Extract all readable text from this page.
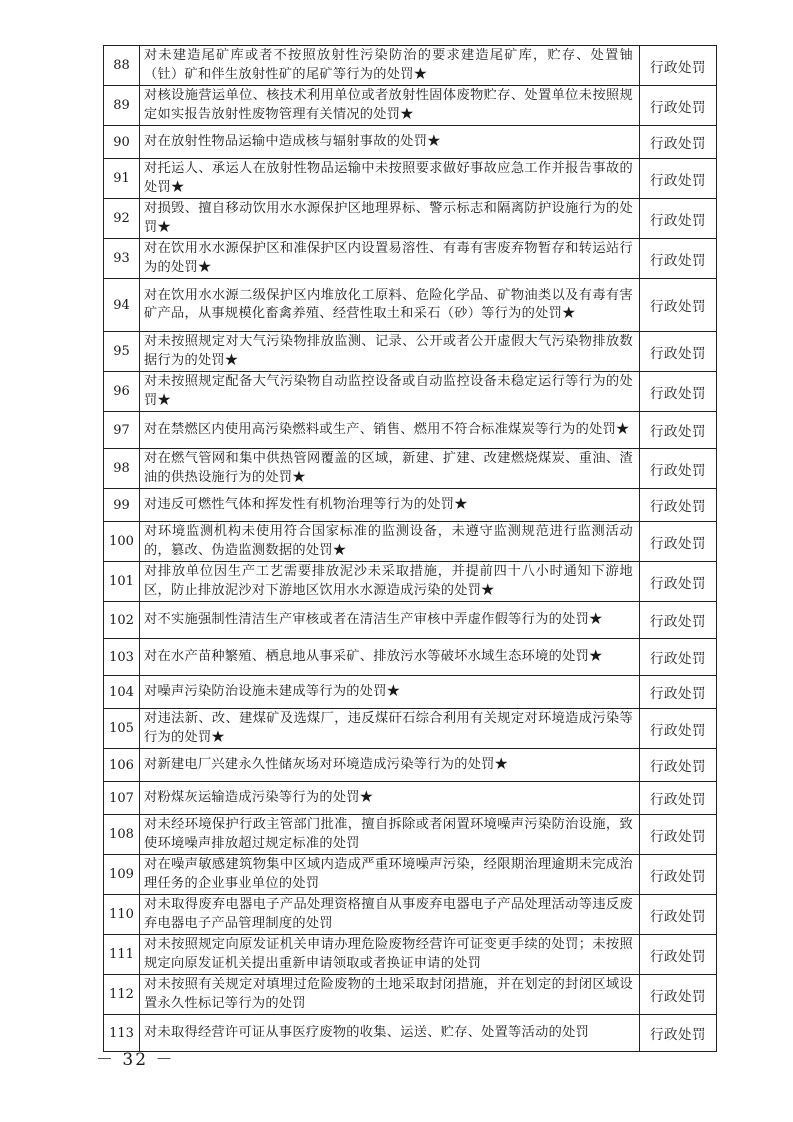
88	对未建造尾矿库或者不按照放射性污染防治的要求建造尾矿库，贮存、处置铀（钍）矿和伴生放射性矿的尾矿等行为的处罚★	行政处罚
89	对核设施营运单位、核技术利用单位或者放射性固体废物贮存、处置单位未按照规定如实报告放射性废物管理有关情况的处罚★	行政处罚
90	对在放射性物品运输中造成核与辐射事故的处罚★	行政处罚
91	对托运人、承运人在放射性物品运输中未按照要求做好事故应急工作并报告事故的处罚★	行政处罚
92	对损毁、擅自移动饮用水水源保护区地理界标、警示标志和隔离防护设施行为的处罚★	行政处罚
93	对在饮用水水源保护区和准保护区内设置易溶性、有毒有害废弃物暂存和转运站行为的处罚★	行政处罚
94	对在饮用水水源二级保护区内堆放化工原料、危险化学品、矿物油类以及有毒有害矿产品，从事规模化畜禽养殖、经营性取土和采石（砂）等行为的处罚★	行政处罚
95	对未按照规定对大气污染物排放监测、记录、公开或者公开虚假大气污染物排放数据行为的处罚★	行政处罚
96	对未按照规定配备大气污染物自动监控设备或自动监控设备未稳定运行等行为的处罚★	行政处罚
97	对在禁燃区内使用高污染燃料或生产、销售、燃用不符合标准煤炭等行为的处罚★	行政处罚
98	对在燃气管网和集中供热管网覆盖的区域，新建、扩建、改建燃烧煤炭、重油、渣油的供热设施行为的处罚★	行政处罚
99	对违反可燃性气体和挥发性有机物治理等行为的处罚★	行政处罚
100	对环境监测机构未使用符合国家标准的监测设备，未遵守监测规范进行监测活动的，篡改、伪造监测数据的处罚★	行政处罚
101	对排放单位因生产工艺需要排放泥沙未采取措施，并提前四十八小时通知下游地区，防止排放泥沙对下游地区饮用水水源造成污染的处罚★	行政处罚
102	对不实施强制性清洁生产审核或者在清洁生产审核中弄虚作假等行为的处罚★	行政处罚
103	对在水产苗种繁殖、栖息地从事采矿、排放污水等破坏水域生态环境的处罚★	行政处罚
104	对噪声污染防治设施未建成等行为的处罚★	行政处罚
105	对违法新、改、建煤矿及选煤厂，违反煤矸石综合利用有关规定对环境造成污染等行为的处罚★	行政处罚
106	对新建电厂兴建永久性储灰场对环境造成污染等行为的处罚★	行政处罚
107	对粉煤灰运输造成污染等行为的处罚★	行政处罚
108	对未经环境保护行政主管部门批准，擅自拆除或者闲置环境噪声污染防治设施，致使环境噪声排放超过规定标准的处罚	行政处罚
109	对在噪声敏感建筑物集中区域内造成严重环境噪声污染，经限期治理逾期未完成治理任务的企业事业单位的处罚	行政处罚
110	对未取得废弃电器电子产品处理资格擅自从事废弃电器电子产品处理活动等违反废弃电器电子产品管理制度的处罚	行政处罚
111	对未按照规定向原发证机关申请办理危险废物经营许可证变更手续的处罚；未按照规定向原发证机关提出重新申请领取或者换证申请的处罚	行政处罚
112	对未按照有关规定对填埋过危险废物的土地采取封闭措施，并在划定的封闭区域设置永久性标记等行为的处罚	行政处罚
113	对未取得经营许可证从事医疗废物的收集、运送、贮存、处置等活动的处罚	行政处罚
－ 32 －
